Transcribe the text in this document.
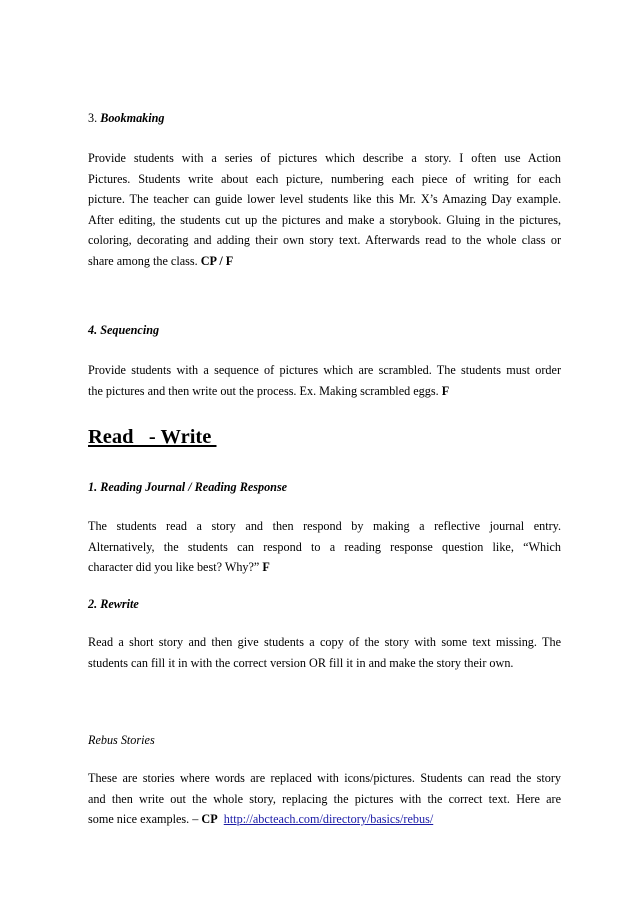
3. Bookmaking

Provide students with a series of pictures which describe a story. I often use Action
Pictures. Students write about each picture, numbering each piece of writing for each
picture. The teacher can guide lower level students like this Mr. X’s Amazing Day example.
After editing, the students cut up the pictures and make a storybook. Gluing in the pictures,
coloring, decorating and adding their own story text. Afterwards read to the whole class or
share among the class. CP / F

4. Sequencing

Provide students with a sequence of pictures which are scrambled. The students must order
the pictures and then write out the process. Ex. Making scrambled eggs. F
Read   - Write

1. Reading Journal / Reading Response

The students read a story and then respond by making a reflective journal entry.
Alternatively, the students can respond to a reading response question like, “Which
character did you like best? Why?” F

2. Rewrite

Read a short story and then give students a copy of the story with some text missing. The
students can fill it in with the correct version OR fill it in and make the story their own.

Rebus Stories

These are stories where words are replaced with icons/pictures. Students can read the story
and then write out the whole story, replacing the pictures with the correct text. Here are
some nice examples. – CP http://abcteach.com/directory/basics/rebus/
